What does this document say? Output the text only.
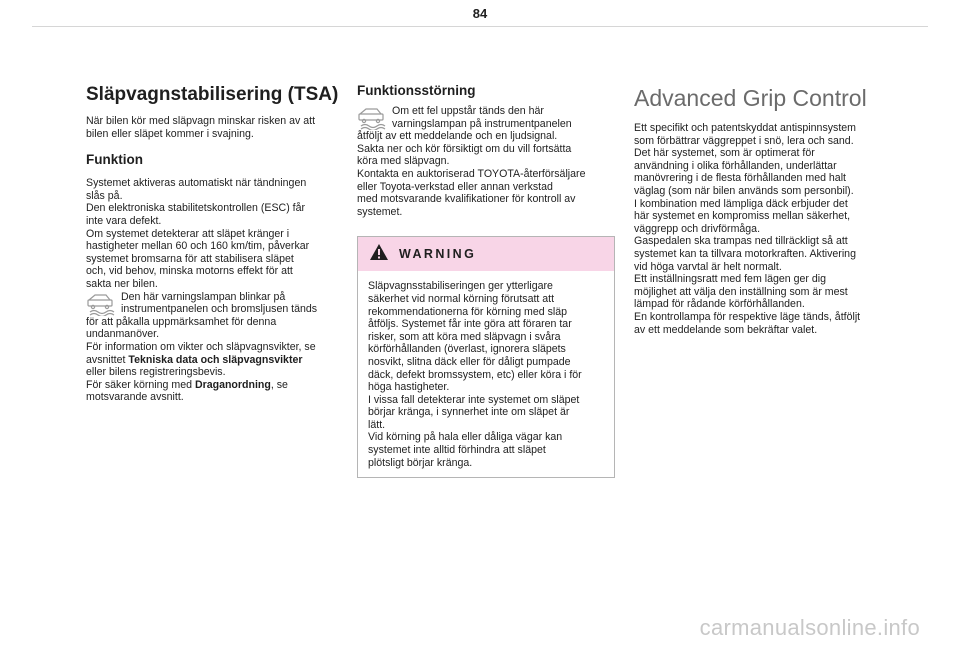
84
Släpvagnstabilisering (TSA)

När bilen kör med släpvagn minskar risken av att
bilen eller släpet kommer i svajning.

Funktion

Systemet aktiveras automatiskt när tändningen
slås på.
Den elektroniska stabilitetskontrollen (ESC) får
inte vara defekt.
Om systemet detekterar att släpet kränger i
hastigheter mellan 60 och 160 km/tim, påverkar
systemet bromsarna för att stabilisera släpet
och, vid behov, minska motorns effekt för att
sakta ner bilen.

Den här varningslampan blinkar på
instrumentpanelen och bromsljusen tänds
för att påkalla uppmärksamhet för denna
undanmanöver.
För information om vikter och släpvagnsvikter, se
avsnittet Tekniska data och släpvagnsvikter
eller bilens registreringsbevis.
För säker körning med Draganordning, se
motsvarande avsnitt.

Funktionsstörning

Om ett fel uppstår tänds den här
varningslampan på instrumentpanelen
åtföljt av ett meddelande och en ljudsignal.
Sakta ner och kör försiktigt om du vill fortsätta
köra med släpvagn.
Kontakta en auktoriserad TOYOTA-återförsäljare
eller Toyota-verkstad eller annan verkstad
med motsvarande kvalifikationer för kontroll av
systemet.

WARNING

Släpvagnsstabiliseringen ger ytterligare
säkerhet vid normal körning förutsatt att
rekommendationerna för körning med släp
åtföljs. Systemet får inte göra att föraren tar
risker, som att köra med släpvagn i svåra
körförhållanden (överlast, ignorera släpets
nosvikt, slitna däck eller för dåligt pumpade
däck, defekt bromssystem, etc) eller köra i för
höga hastigheter.
I vissa fall detekterar inte systemet om släpet
börjar kränga, i synnerhet inte om släpet är
lätt.
Vid körning på hala eller dåliga vägar kan
systemet inte alltid förhindra att släpet
plötsligt börjar kränga.

Advanced Grip Control

Ett specifikt och patentskyddat antispinnsystem
som förbättrar väggreppet i snö, lera och sand.
Det här systemet, som är optimerat för
användning i olika förhållanden, underlättar
manövrering i de flesta förhållanden med halt
väglag (som när bilen används som personbil).
I kombination med lämpliga däck erbjuder det
här systemet en kompromiss mellan säkerhet,
väggrepp och drivförmåga.
Gaspedalen ska trampas ned tillräckligt så att
systemet kan ta tillvara motorkraften. Aktivering
vid höga varvtal är helt normalt.
Ett inställningsratt med fem lägen ger dig
möjlighet att välja den inställning som är mest
lämpad för rådande körförhållanden.
En kontrollampa för respektive läge tänds, åtföljt
av ett meddelande som bekräftar valet.

carmanualsonline.info
